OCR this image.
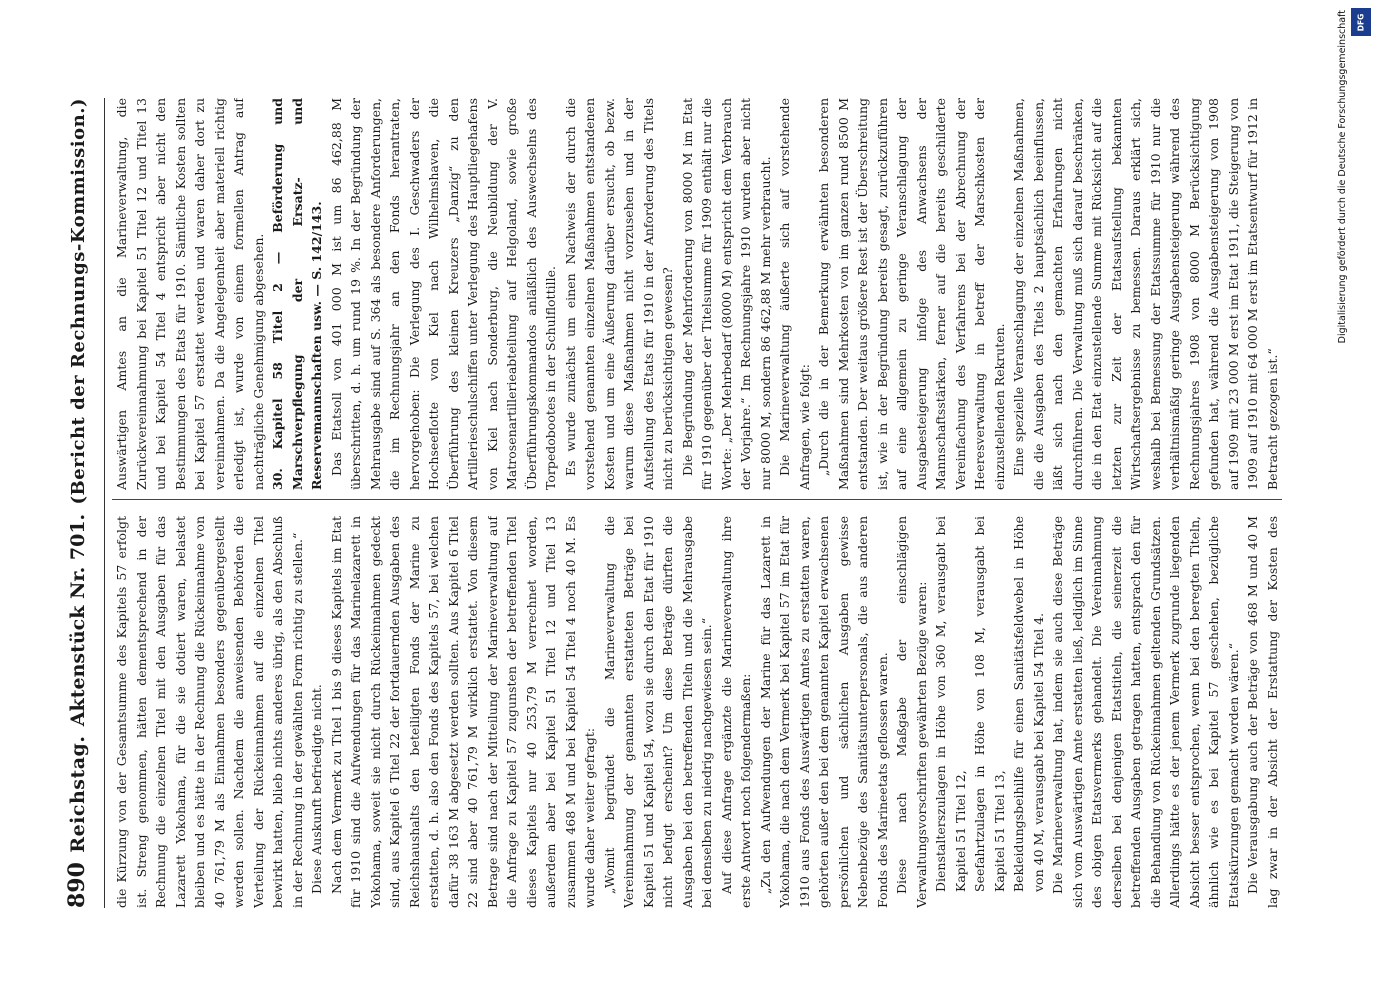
890
Reichstag.
Aktenstück Nr. 701.
(Bericht der Rechnungs-Kommission.)

die Kürzung von der Gesamtsumme des Kapitels 57 erfolgt ist. Streng genommen, hätten dementsprechend in der Rechnung die einzelnen Titel mit den Ausgaben für das Lazarett Yokohama, für die sie dotiert waren, belastet bleiben und es hätte in der Rechnung die Rückeinnahme von 40 761,79 M als Einnahmen besonders gegenübergestellt werden sollen. Nachdem die anweisenden Behörden die Verteilung der Rückeinnahmen auf die einzelnen Titel bewirkt hatten, blieb nichts anderes übrig, als den Abschluß in der Rechnung in der gewählten Form richtig zu stellen.“ Diese Auskunft befriedigte nicht. Nach dem Vermerk zu Titel 1 bis 9 dieses Kapitels im Etat für 1910 sind die Aufwendungen für das Marinelazarett in Yokohama, soweit sie nicht durch Rückeinnahmen gedeckt sind, aus Kapitel 6 Titel 22 der fortdauernden Ausgaben des Reichshaushalts den beteiligten Fonds der Marine zu erstatten, d. h. also den Fonds des Kapitels 57, bei welchen dafür 38 163 M abgesetzt werden sollten. Aus Kapitel 6 Titel 22 sind aber 40 761,79 M wirklich erstattet. Von diesem Betrage sind nach der Mitteilung der Marineverwaltung auf die Anfrage zu Kapitel 57 zugunsten der betreffenden Titel dieses Kapitels nur 40 253,79 M verrechnet worden, außerdem aber bei Kapitel 51 Titel 12 und Titel 13 zusammen 468 M und bei Kapitel 54 Titel 4 noch 40 M. Es wurde daher weiter gefragt: „Womit begründet die Marineverwaltung die Vereinnahmung der genannten erstatteten Beträge bei Kapitel 51 und Kapitel 54, wozu sie durch den Etat für 1910 nicht befugt erscheint? Um diese Beträge dürften die Ausgaben bei den betreffenden Titeln und die Mehrausgabe bei denselben zu niedrig nachgewiesen sein.“ Auf diese Anfrage ergänzte die Marineverwaltung ihre erste Antwort noch folgendermaßen: „Zu den Aufwendungen der Marine für das Lazarett in Yokohama, die nach dem Vermerk bei Kapitel 57 im Etat für 1910 aus Fonds des Auswärtigen Amtes zu erstatten waren, gehörten außer den bei dem genannten Kapitel erwachsenen persönlichen und sächlichen Ausgaben gewisse Nebenbezüge des Sanitätsunterpersonals, die aus anderen Fonds des Marineetats geflossen waren. Diese nach Maßgabe der einschlägigen Verwaltungsvorschriften gewährten Bezüge waren: Dienstalterszulagen in Höhe von 360 M, verausgabt bei Kapitel 51 Titel 12, Seefahrtzulagen in Höhe von 108 M, verausgabt bei Kapitel 51 Titel 13, Bekleidungsbeihilfe für einen Sanitätsfeldwebel in Höhe von 40 M, verausgabt bei Kapitel 54 Titel 4. Die Marineverwaltung hat, indem sie auch diese Beträge sich vom Auswärtigen Amte erstatten ließ, lediglich im Sinne des obigen Etatsvermerks gehandelt. Die Vereinnahmung derselben bei denjenigen Etatstiteln, die seinerzeit die betreffenden Ausgaben getragen hatten, entsprach den für die Behandlung von Rückeinnahmen geltenden Grundsätzen. Allerdings hätte es der jenem Vermerk zugrunde liegenden Absicht besser entsprochen, wenn bei den beregten Titeln, ähnlich wie es bei Kapitel 57 geschehen, bezügliche Etatskürzungen gemacht worden wären.“ Die Verausgabung auch der Beträge von 468 M und 40 M lag zwar in der Absicht der Erstattung der Kosten des

Auswärtigen Amtes an die Marineverwaltung, die Zurückvereinnahmung bei Kapitel 51 Titel 12 und Titel 13 und bei Kapitel 54 Titel 4 entspricht aber nicht den Bestimmungen des Etats für 1910. Sämtliche Kosten sollten bei Kapitel 57 erstattet werden und waren daher dort zu vereinnahmen. Da die Angelegenheit aber materiell richtig erledigt ist, wurde von einem formellen Antrag auf nachträgliche Genehmigung abgesehen. 30. Kapitel 58 Titel 2 — Beförderung und Marschverpflegung der Ersatz- und Reservemannschaften usw. — S. 142/143. Das Etatsoll von 401 000 M ist um 86 462,88 M überschritten, d. h. um rund 19 %. In der Begründung der Mehrausgabe sind auf S. 364 als besondere Anforderungen, die im Rechnungsjahr an den Fonds herantraten, hervorgehoben: Die Verlegung des I. Geschwaders der Hochseeflotte von Kiel nach Wilhelmshaven, die Überführung des kleinen Kreuzers „Danzig“ zu den Artillerieschulschiffen unter Verlegung des Hauptliegehafens von Kiel nach Sonderburg, die Neubildung der V. Matrosenartillerieabteilung auf Helgoland, sowie große Überführungskommandos anläßlich des Auswechselns des Torpedobootes in der Schulflottille. Es wurde zunächst um einen Nachweis der durch die vorstehend genannten einzelnen Maßnahmen entstandenen Kosten und um eine Äußerung darüber ersucht, ob bezw. warum diese Maßnahmen nicht vorzusehen und in der Aufstellung des Etats für 1910 in der Anforderung des Titels nicht zu berücksichtigen gewesen? Die Begründung der Mehrforderung von 8000 M im Etat für 1910 gegenüber der Titelsumme für 1909 enthält nur die Worte: „Der Mehrbedarf (8000 M) entspricht dem Verbrauch der Vorjahre.“ Im Rechnungsjahre 1910 wurden aber nicht nur 8000 M, sondern 86 462,88 M mehr verbraucht. Die Marineverwaltung äußerte sich auf vorstehende Anfragen, wie folgt: „Durch die in der Bemerkung erwähnten besonderen Maßnahmen sind Mehrkosten von im ganzen rund 8500 M entstanden. Der weitaus größere Rest ist der Überschreitung ist, wie in der Begründung bereits gesagt, zurückzuführen auf eine allgemein zu geringe Veranschlagung der Ausgabesteigerung infolge des Anwachsens der Mannschaftsstärken, ferner auf die bereits geschilderte Vereinfachung des Verfahrens bei der Abrechnung der Heeresverwaltung in betreff der Marschkosten der einzustellenden Rekruten. Eine spezielle Veranschlagung der einzelnen Maßnahmen, die die Ausgaben des Titels 2 hauptsächlich beeinflussen, läßt sich nach den gemachten Erfahrungen nicht durchführen. Die Verwaltung muß sich darauf beschränken, die in den Etat einzustellende Summe mit Rücksicht auf die letzten zur Zeit der Etatsaufstellung bekannten Wirtschaftsergebnisse zu bemessen. Daraus erklärt sich, weshalb bei Bemessung der Etatssumme für 1910 nur die verhältnismäßig geringe Ausgabensteigerung während des Rechnungsjahres 1908 von 8000 M Berücksichtigung gefunden hat, während die Ausgabensteigerung von 1908 auf 1909 mit 23 000 M erst im Etat 1911, die Steigerung von 1909 auf 1910 mit 64 000 M erst im Etatsentwurf für 1912 in Betracht gezogen ist.“

Digitalisierung gefördert durch die Deutsche Forschungsgemeinschaft	DFG
